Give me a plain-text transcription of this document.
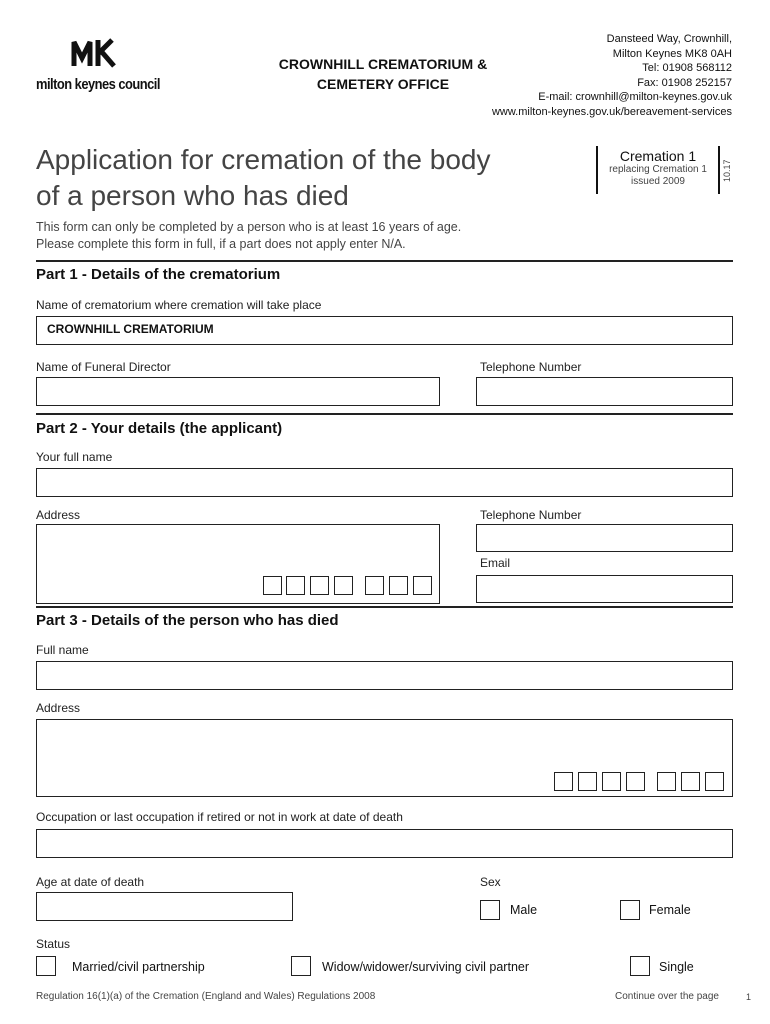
milton keynes council
CROWNHILL CREMATORIUM &
CEMETERY OFFICE
Dansteed Way, Crownhill,
Milton Keynes MK8 0AH
Tel: 01908 568112
Fax: 01908 252157
E-mail: crownhill@milton-keynes.gov.uk
www.milton-keynes.gov.uk/bereavement-services
Application for cremation of the body
of a person who has died
Cremation 1
replacing Cremation 1
issued 2009	10.17
This form can only be completed by a person who is at least 16 years of age.
Please complete this form in full, if a part does not apply enter N/A.
Part 1 - Details of the crematorium
Name of crematorium where cremation will take place
CROWNHILL CREMATORIUM
Name of Funeral Director	Telephone Number
Part 2 - Your details (the applicant)
Your full name
Address	Telephone Number
Email
Part 3 - Details of the person who has died
Full name
Address
Occupation or last occupation if retired or not in work at date of death
Age at date of death	Sex
Male	Female
Status
Married/civil partnership	Widow/widower/surviving civil partner	Single
Regulation 16(1)(a) of the Cremation (England and Wales) Regulations 2008	Continue over the page	1
